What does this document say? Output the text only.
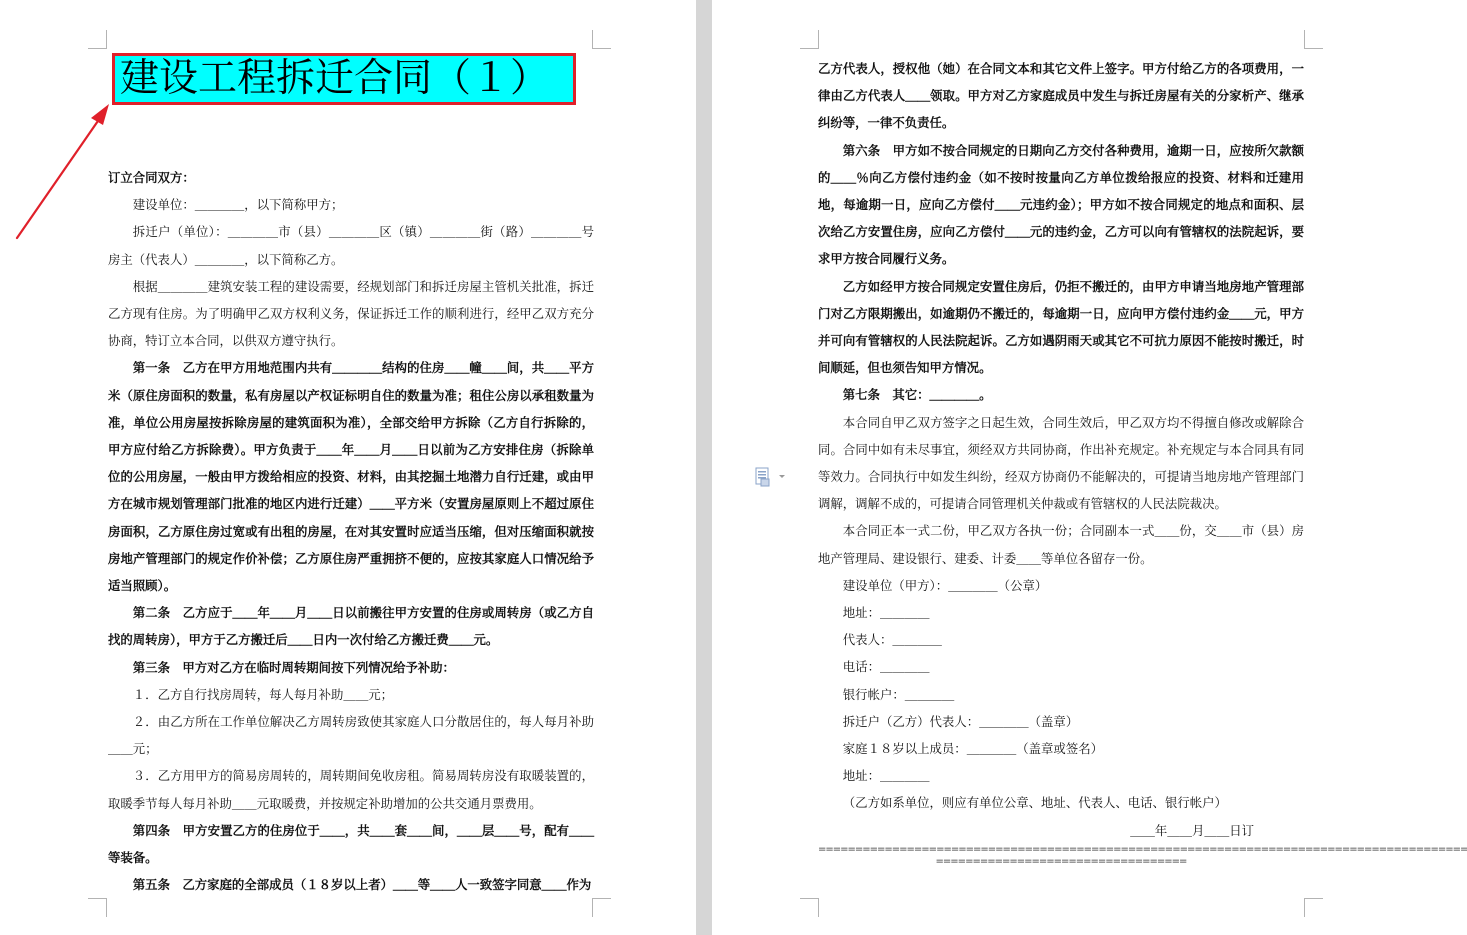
建设工程拆迁合同（１）

订立合同双方：

建设单位：＿＿＿＿，以下简称甲方；

拆迁户（单位）：＿＿＿＿市（县）＿＿＿＿区（镇）＿＿＿＿街（路）＿＿＿＿号房主（代表人）＿＿＿＿，以下简称乙方。

根据＿＿＿＿建筑安装工程的建设需要，经规划部门和拆迁房屋主管机关批准，拆迁乙方现有住房。为了明确甲乙双方权利义务，保证拆迁工作的顺利进行，经甲乙双方充分协商，特订立本合同，以供双方遵守执行。

第一条　乙方在甲方用地范围内共有＿＿＿＿结构的住房＿＿幢＿＿间，共＿＿平方米（原住房面积的数量，私有房屋以产权证标明自住的数量为准；租住公房以承租数量为准，单位公用房屋按拆除房屋的建筑面积为准），全部交给甲方拆除（乙方自行拆除的，甲方应付给乙方拆除费）。甲方负责于＿＿年＿＿月＿＿日以前为乙方安排住房（拆除单位的公用房屋，一般由甲方拨给相应的投资、材料，由其挖掘土地潜力自行迁建，或由甲方在城市规划管理部门批准的地区内进行迁建）＿＿平方米（安置房屋原则上不超过原住房面积，乙方原住房过宽或有出租的房屋，在对其安置时应适当压缩，但对压缩面积就按房地产管理部门的规定作价补偿；乙方原住房严重拥挤不便的，应按其家庭人口情况给予适当照顾）。

第二条　乙方应于＿＿年＿＿月＿＿日以前搬往甲方安置的住房或周转房（或乙方自找的周转房），甲方于乙方搬迁后＿＿日内一次付给乙方搬迁费＿＿元。

第三条　甲方对乙方在临时周转期间按下列情况给予补助：

１．乙方自行找房周转，每人每月补助＿＿元；

２．由乙方所在工作单位解决乙方周转房致使其家庭人口分散居住的，每人每月补助＿＿元；

３．乙方用甲方的简易房周转的，周转期间免收房租。简易周转房没有取暖装置的，取暖季节每人每月补助＿＿元取暖费，并按规定补助增加的公共交通月票费用。

第四条　甲方安置乙方的住房位于＿＿，共＿＿套＿＿间，＿＿层＿＿号，配有＿＿等装备。

第五条　乙方家庭的全部成员（１８岁以上者）＿＿等＿＿人一致签字同意＿＿作为

乙方代表人，授权他（她）在合同文本和其它文件上签字。甲方付给乙方的各项费用，一律由乙方代表人＿＿领取。甲方对乙方家庭成员中发生与拆迁房屋有关的分家析产、继承纠纷等，一律不负责任。

第六条　甲方如不按合同规定的日期向乙方交付各种费用，逾期一日，应按所欠款额的＿＿％向乙方偿付违约金（如不按时按量向乙方单位拨给报应的投资、材料和迁建用地，每逾期一日，应向乙方偿付＿＿元违约金）；甲方如不按合同规定的地点和面积、层次给乙方安置住房，应向乙方偿付＿＿元的违约金，乙方可以向有管辖权的法院起诉，要求甲方按合同履行义务。

乙方如经甲方按合同规定安置住房后，仍拒不搬迁的，由甲方申请当地房地产管理部门对乙方限期搬出，如逾期仍不搬迁的，每逾期一日，应向甲方偿付违约金＿＿元，甲方并可向有管辖权的人民法院起诉。乙方如遇阴雨天或其它不可抗力原因不能按时搬迁，时间顺延，但也须告知甲方情况。

第七条　其它：＿＿＿＿。

本合同自甲乙双方签字之日起生效，合同生效后，甲乙双方均不得擅自修改或解除合同。合同中如有未尽事宜，须经双方共同协商，作出补充规定。补充规定与本合同具有同等效力。合同执行中如发生纠纷，经双方协商仍不能解决的，可提请当地房地产管理部门调解，调解不成的，可提请合同管理机关仲裁或有管辖权的人民法院裁决。

本合同正本一式二份，甲乙双方各执一份；合同副本一式＿＿份，交＿＿市（县）房地产管理局、建设银行、建委、计委＿＿等单位各留存一份。

建设单位（甲方）：＿＿＿＿（公章）

地址：＿＿＿＿

代表人：＿＿＿＿

电话：＿＿＿＿

银行帐户：＿＿＿＿

拆迁户（乙方）代表人：＿＿＿＿（盖章）

家庭１８岁以上成员：＿＿＿＿（盖章或签名）

地址：＿＿＿＿

（乙方如系单位，则应有单位公章、地址、代表人、电话、银行帐户）

＿＿年＿＿月＿＿日订

========================================================================================

==================================
